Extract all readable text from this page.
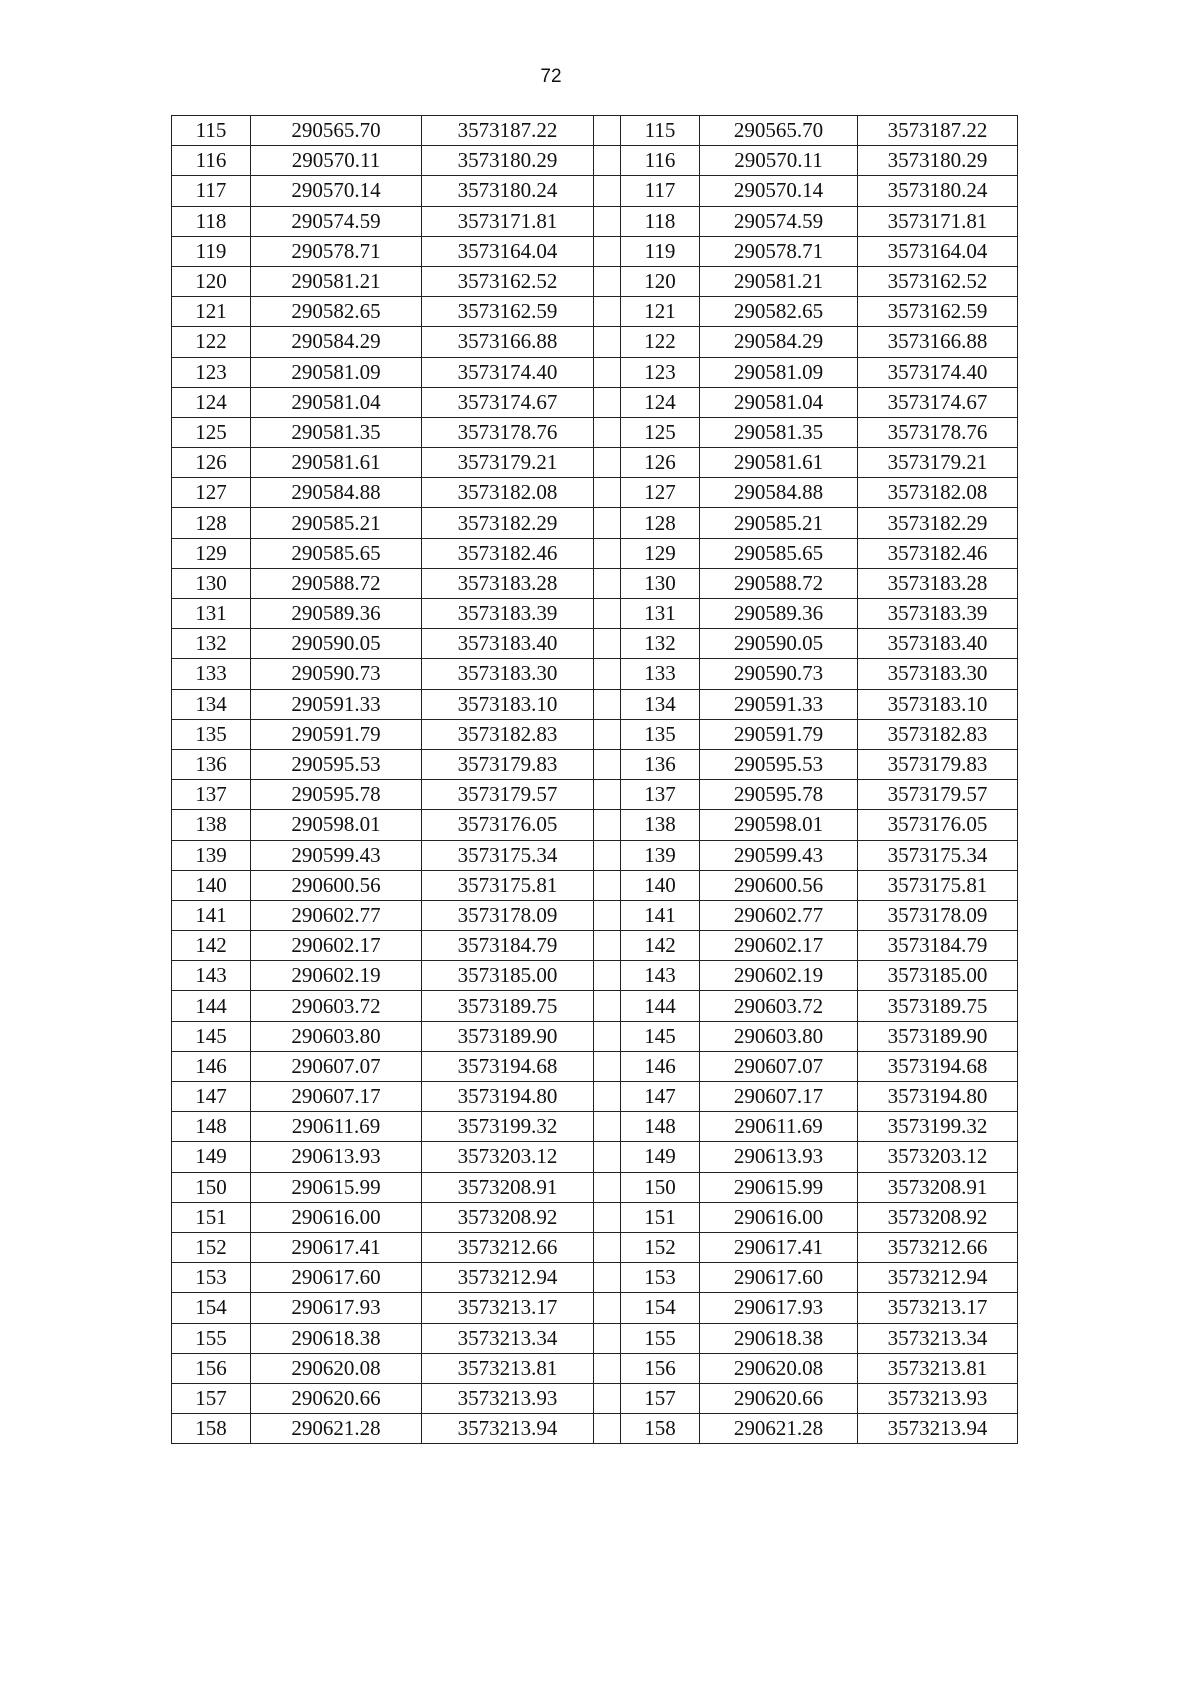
72
115	290565.70	3573187.22		115	290565.70	3573187.22
116	290570.11	3573180.29		116	290570.11	3573180.29
117	290570.14	3573180.24		117	290570.14	3573180.24
118	290574.59	3573171.81		118	290574.59	3573171.81
119	290578.71	3573164.04		119	290578.71	3573164.04
120	290581.21	3573162.52		120	290581.21	3573162.52
121	290582.65	3573162.59		121	290582.65	3573162.59
122	290584.29	3573166.88		122	290584.29	3573166.88
123	290581.09	3573174.40		123	290581.09	3573174.40
124	290581.04	3573174.67		124	290581.04	3573174.67
125	290581.35	3573178.76		125	290581.35	3573178.76
126	290581.61	3573179.21		126	290581.61	3573179.21
127	290584.88	3573182.08		127	290584.88	3573182.08
128	290585.21	3573182.29		128	290585.21	3573182.29
129	290585.65	3573182.46		129	290585.65	3573182.46
130	290588.72	3573183.28		130	290588.72	3573183.28
131	290589.36	3573183.39		131	290589.36	3573183.39
132	290590.05	3573183.40		132	290590.05	3573183.40
133	290590.73	3573183.30		133	290590.73	3573183.30
134	290591.33	3573183.10		134	290591.33	3573183.10
135	290591.79	3573182.83		135	290591.79	3573182.83
136	290595.53	3573179.83		136	290595.53	3573179.83
137	290595.78	3573179.57		137	290595.78	3573179.57
138	290598.01	3573176.05		138	290598.01	3573176.05
139	290599.43	3573175.34		139	290599.43	3573175.34
140	290600.56	3573175.81		140	290600.56	3573175.81
141	290602.77	3573178.09		141	290602.77	3573178.09
142	290602.17	3573184.79		142	290602.17	3573184.79
143	290602.19	3573185.00		143	290602.19	3573185.00
144	290603.72	3573189.75		144	290603.72	3573189.75
145	290603.80	3573189.90		145	290603.80	3573189.90
146	290607.07	3573194.68		146	290607.07	3573194.68
147	290607.17	3573194.80		147	290607.17	3573194.80
148	290611.69	3573199.32		148	290611.69	3573199.32
149	290613.93	3573203.12		149	290613.93	3573203.12
150	290615.99	3573208.91		150	290615.99	3573208.91
151	290616.00	3573208.92		151	290616.00	3573208.92
152	290617.41	3573212.66		152	290617.41	3573212.66
153	290617.60	3573212.94		153	290617.60	3573212.94
154	290617.93	3573213.17		154	290617.93	3573213.17
155	290618.38	3573213.34		155	290618.38	3573213.34
156	290620.08	3573213.81		156	290620.08	3573213.81
157	290620.66	3573213.93		157	290620.66	3573213.93
158	290621.28	3573213.94		158	290621.28	3573213.94
